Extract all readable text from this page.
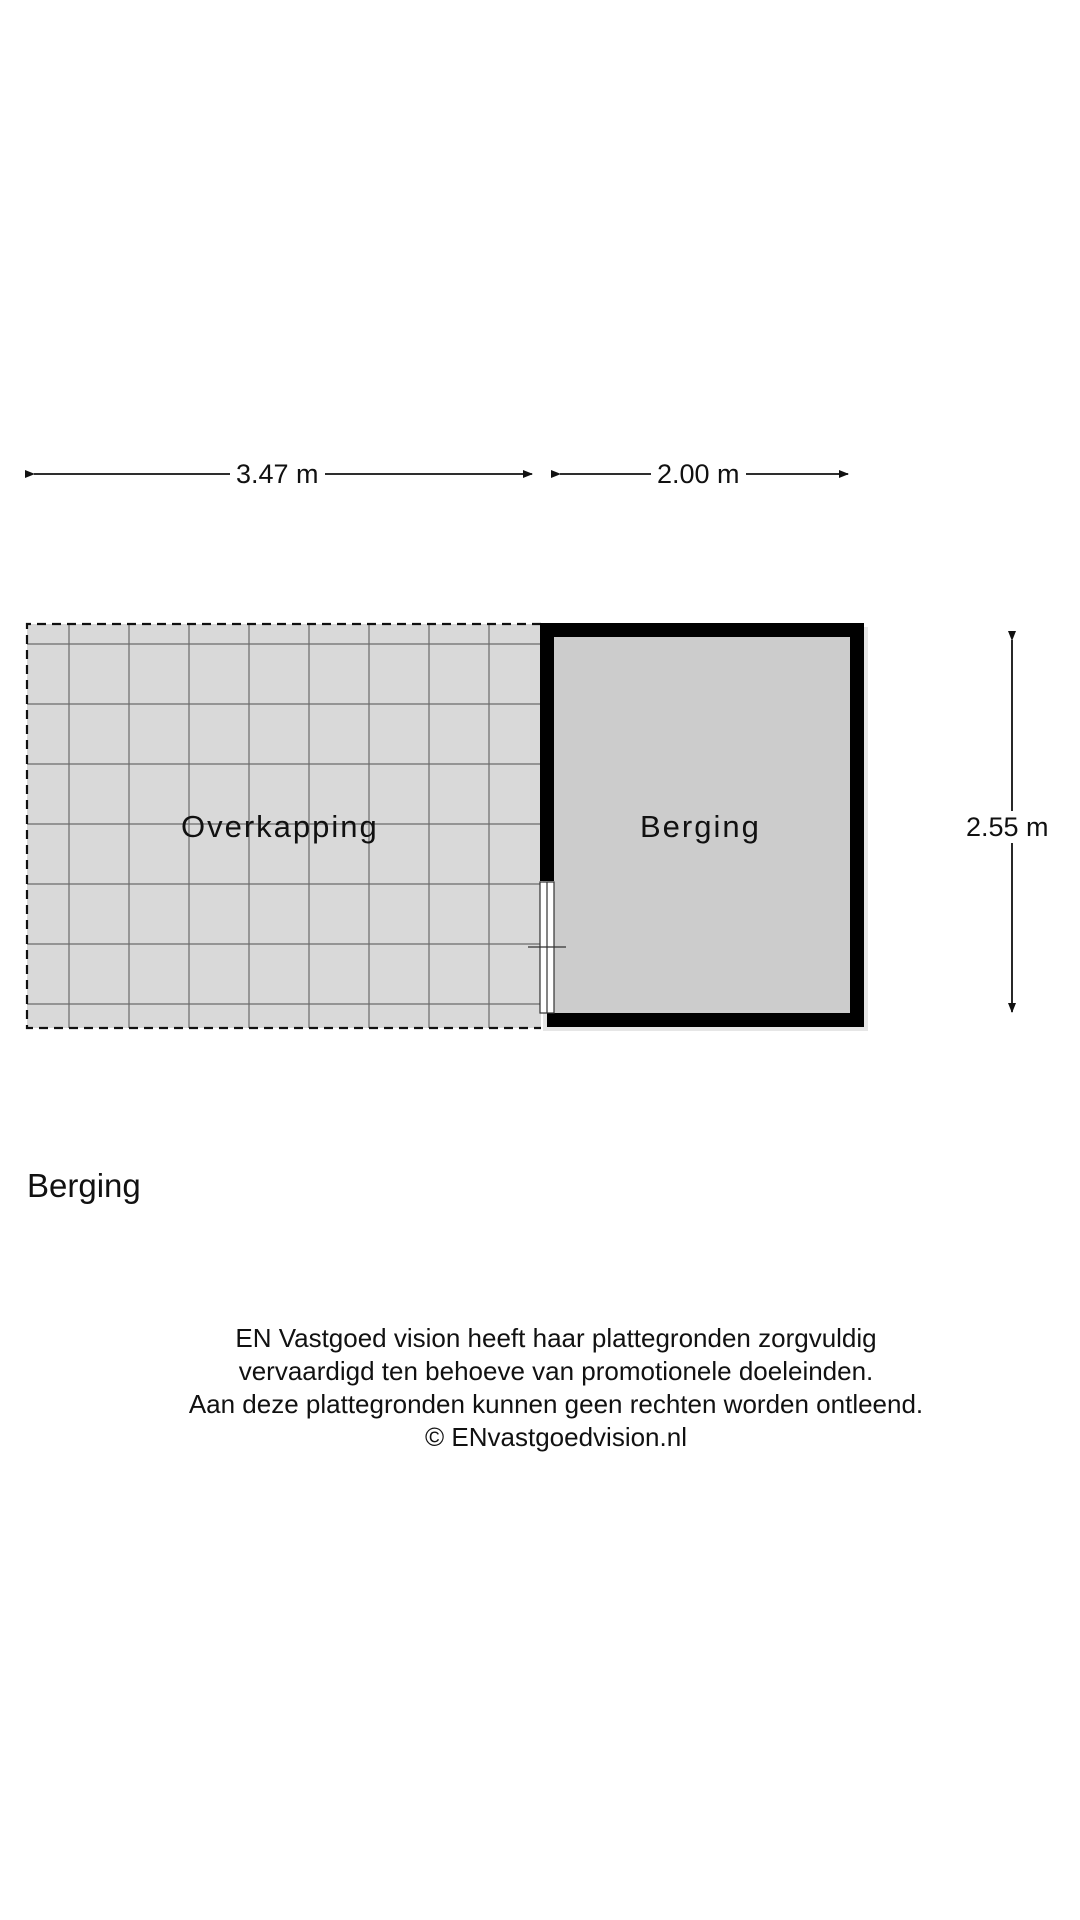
3.47 m	2.00 m
2.55 m
Overkapping	Berging
Berging
EN Vastgoed vision heeft haar plattegronden zorgvuldig
vervaardigd ten behoeve van promotionele doeleinden.
Aan deze plattegronden kunnen geen rechten worden ontleend.
© ENvastgoedvision.nl
